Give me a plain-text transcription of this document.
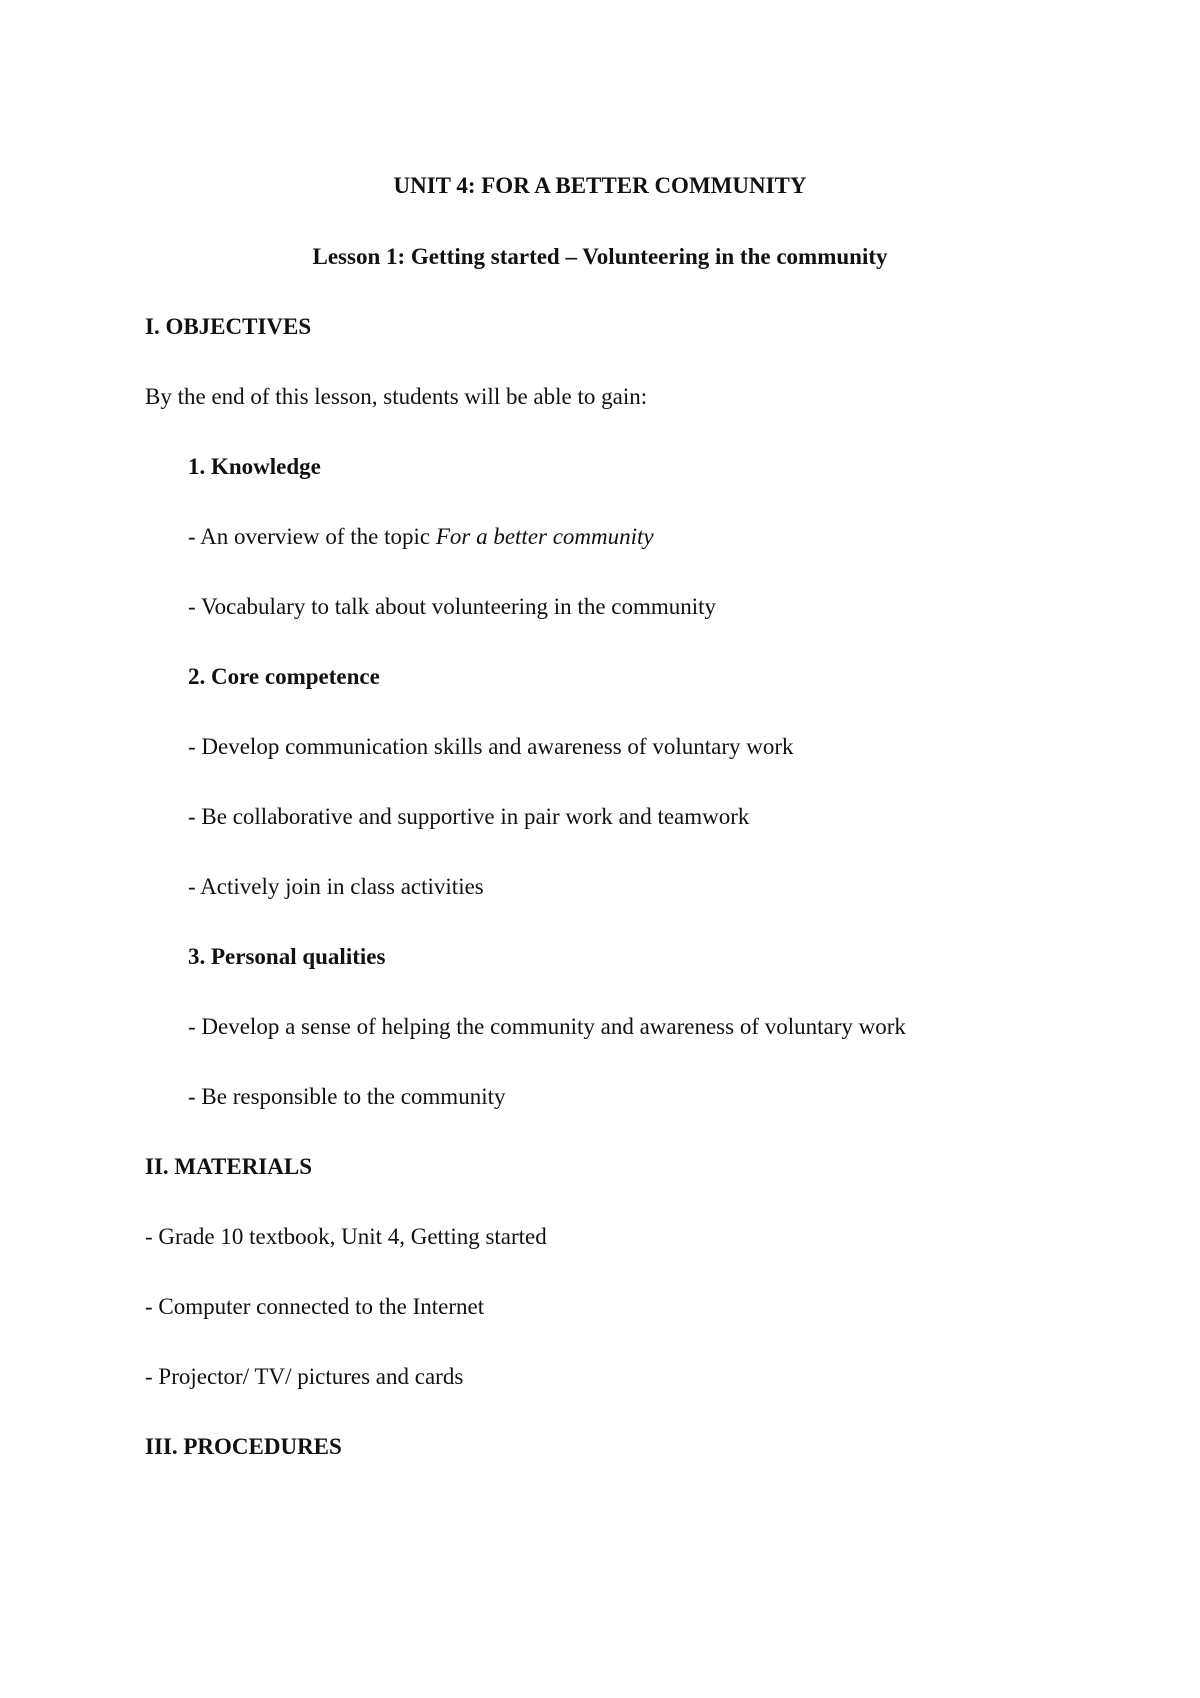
UNIT 4: FOR A BETTER COMMUNITY
Lesson 1: Getting started – Volunteering in the community
I. OBJECTIVES
By the end of this lesson, students will be able to gain:
1. Knowledge
- An overview of the topic For a better community
- Vocabulary to talk about volunteering in the community
2. Core competence
- Develop communication skills and awareness of voluntary work
- Be collaborative and supportive in pair work and teamwork
- Actively join in class activities
3. Personal qualities
- Develop a sense of helping the community and awareness of voluntary work
- Be responsible to the community
II. MATERIALS
- Grade 10 textbook, Unit 4, Getting started
- Computer connected to the Internet
- Projector/ TV/ pictures and cards
III. PROCEDURES
